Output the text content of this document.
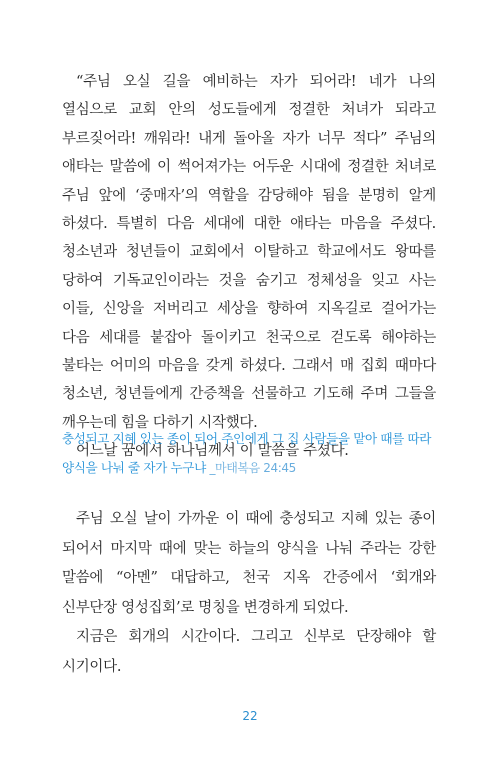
“주님 오실 길을 예비하는 자가 되어라! 네가 나의 열심으로 교회 안의 성도들에게 정결한 처녀가 되라고 부르짖어라! 깨워라! 내게 돌아올 자가 너무 적다” 주님의 애타는 말씀에 이 썩어져가는 어두운 시대에 정결한 처녀로 주님 앞에 ‘중매자’의 역할을 감당해야 됨을 분명히 알게 하셨다. 특별히 다음 세대에 대한 애타는 마음을 주셨다. 청소년과 청년들이 교회에서 이탈하고 학교에서도 왕따를 당하여 기독교인이라는 것을 숨기고 정체성을 잊고 사는 이들, 신앙을 저버리고 세상을 향하여 지옥길로 걸어가는 다음 세대를 붙잡아 돌이키고 천국으로 걷도록 해야하는 불타는 어미의 마음을 갖게 하셨다. 그래서 매 집회 때마다 청소년, 청년들에게 간증책을 선물하고 기도해 주며 그들을 깨우는데 힘을 다하기 시작했다.

어느날 꿈에서 하나님께서 이 말씀을 주셨다.

충성되고 지혜 있는 종이 되어 주인에게 그 집 사람들을 맡아 때를 따라 양식을 나눠 줄 자가 누구냐 _마태복음 24:45

주님 오실 날이 가까운 이 때에 충성되고 지혜 있는 종이 되어서 마지막 때에 맞는 하늘의 양식을 나눠 주라는 강한 말씀에 “아멘” 대답하고, 천국 지옥 간증에서 ‘회개와 신부단장 영성집회’로 명칭을 변경하게 되었다.

지금은 회개의 시간이다. 그리고 신부로 단장해야 할 시기이다.

22
